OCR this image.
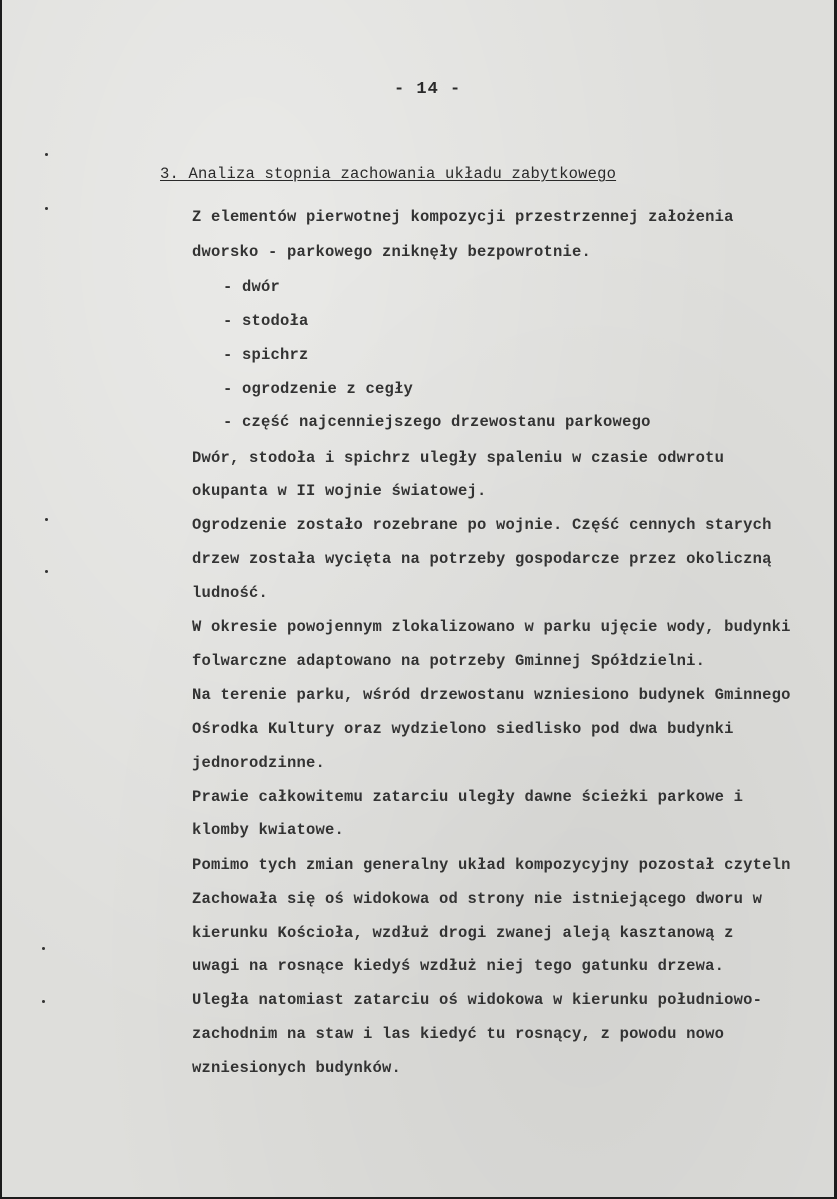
- 14 -
3. Analiza stopnia zachowania układu zabytkowego
Z elementów pierwotnej kompozycji przestrzennej założenia
dworsko - parkowego zniknęły bezpowrotnie.
- dwór
- stodoła
- spichrz
- ogrodzenie z cegły
- część najcenniejszego drzewostanu parkowego
Dwór, stodoła i spichrz uległy spaleniu w czasie odwrotu
okupanta w II wojnie światowej.
Ogrodzenie zostało rozebrane po wojnie. Część cennych starych
drzew została wycięta na potrzeby gospodarcze przez okoliczną
ludność.
W okresie powojennym zlokalizowano w parku ujęcie wody, budynki
folwarczne adaptowano na potrzeby Gminnej Spółdzielni.
Na terenie parku, wśród drzewostanu wzniesiono budynek Gminnego
Ośrodka Kultury oraz wydzielono siedlisko pod dwa budynki
jednorodzinne.
Prawie całkowitemu zatarciu uległy dawne ścieżki parkowe i
klomby kwiatowe.
Pomimo tych zmian generalny układ kompozycyjny pozostał czyteln
Zachowała się oś widokowa od strony nie istniejącego dworu w
kierunku Kościoła, wzdłuż drogi zwanej aleją kasztanową z
uwagi na rosnące kiedyś wzdłuż niej tego gatunku drzewa.
Uległa natomiast zatarciu oś widokowa w kierunku południowo-
zachodnim na staw i las kiedyć tu rosnący, z powodu nowo
wzniesionych budynków.
